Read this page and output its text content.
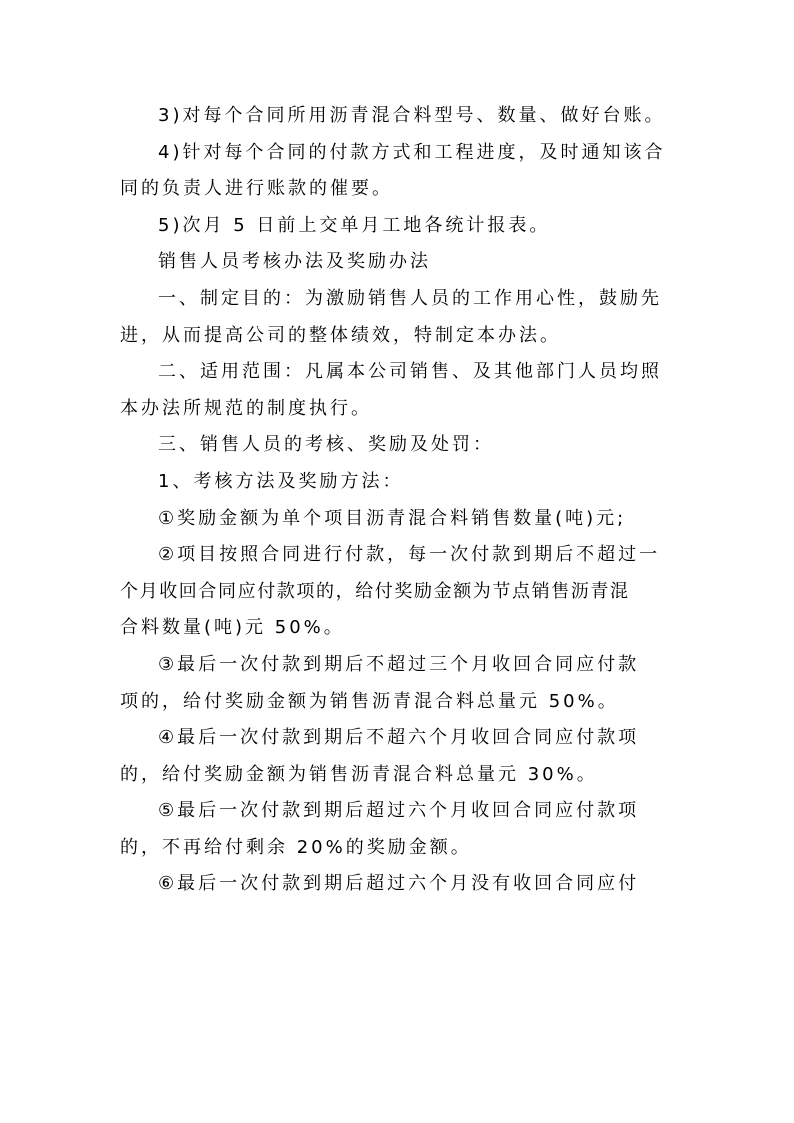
3)对每个合同所用沥青混合料型号、数量、做好台账。
4)针对每个合同的付款方式和工程进度，及时通知该合
同的负责人进行账款的催要。
5)次月 5 日前上交单月工地各统计报表。
销售人员考核办法及奖励办法
一、制定目的：为激励销售人员的工作用心性，鼓励先
进，从而提高公司的整体绩效，特制定本办法。
二、适用范围：凡属本公司销售、及其他部门人员均照
本办法所规范的制度执行。
三、销售人员的考核、奖励及处罚：
1、考核方法及奖励方法：
①奖励金额为单个项目沥青混合料销售数量(吨)元;
②项目按照合同进行付款，每一次付款到期后不超过一
个月收回合同应付款项的，给付奖励金额为节点销售沥青混
合料数量(吨)元 50%。
③最后一次付款到期后不超过三个月收回合同应付款
项的，给付奖励金额为销售沥青混合料总量元 50%。
④最后一次付款到期后不超六个月收回合同应付款项
的，给付奖励金额为销售沥青混合料总量元 30%。
⑤最后一次付款到期后超过六个月收回合同应付款项
的，不再给付剩余 20%的奖励金额。
⑥最后一次付款到期后超过六个月没有收回合同应付
